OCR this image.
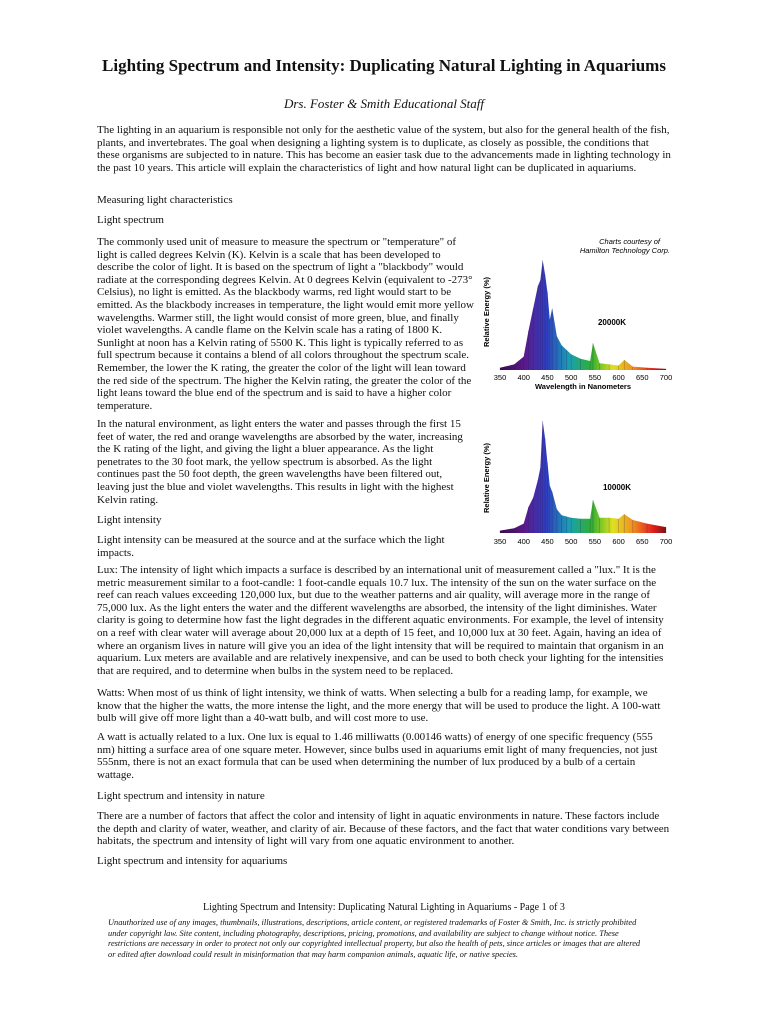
Lighting Spectrum and Intensity: Duplicating Natural Lighting in Aquariums
Drs. Foster & Smith Educational Staff

The lighting in an aquarium is responsible not only for the aesthetic value of the system, but also for the general health of the fish, plants, and invertebrates. The goal when designing a lighting system is to duplicate, as closely as possible, the conditions that these organisms are subjected to in nature. This has become an easier task due to the advancements made in lighting technology in the past 10 years. This article will explain the characteristics of light and how natural light can be duplicated in aquariums.

Measuring light characteristics

Light spectrum

The commonly used unit of measure to measure the spectrum or "temperature" of light is called degrees Kelvin (K). Kelvin is a scale that has been developed to describe the color of light. It is based on the spectrum of light a "blackbody" would radiate at the corresponding degrees Kelvin. At 0 degrees Kelvin (equivalent to -273° Celsius), no light is emitted. As the blackbody warms, red light would start to be emitted. As the blackbody increases in temperature, the light would emit more yellow wavelengths. Warmer still, the light would consist of more green, blue, and finally violet wavelengths. A candle flame on the Kelvin scale has a rating of 1800 K. Sunlight at noon has a Kelvin rating of 5500 K. This light is typically referred to as full spectrum because it contains a blend of all colors throughout the spectrum scale. Remember, the lower the K rating, the greater the color of the light will lean toward the red side of the spectrum. The higher the Kelvin rating, the greater the color of the light leans toward the blue end of the spectrum and is said to have a higher color temperature.

In the natural environment, as light enters the water and passes through the first 15 feet of water, the red and orange wavelengths are absorbed by the water, increasing the K rating of the light, and giving the light a bluer appearance. As the light penetrates to the 30 foot mark, the yellow spectrum is absorbed. As the light continues past the 50 foot depth, the green wavelengths have been filtered out, leaving just the blue and violet wavelengths. This results in light with the highest Kelvin rating.

Light intensity

Light intensity can be measured at the source and at the surface which the light impacts.

Lux: The intensity of light which impacts a surface is described by an international unit of measurement called a "lux." It is the metric measurement similar to a foot-candle: 1 foot-candle equals 10.7 lux. The intensity of the sun on the water surface on the reef can reach values exceeding 120,000 lux, but due to the weather patterns and air quality, will average more in the range of 75,000 lux. As the light enters the water and the different wavelengths are absorbed, the intensity of the light diminishes. Water clarity is going to determine how fast the light degrades in the different aquatic environments. For example, the level of intensity on a reef with clear water will average about 20,000 lux at a depth of 15 feet, and 10,000 lux at 30 feet. Again, having an idea of where an organism lives in nature will give you an idea of the light intensity that will be required to maintain that organism in an aquarium. Lux meters are available and are relatively inexpensive, and can be used to both check your lighting for the intensities that are required, and to determine when bulbs in the system need to be replaced.

Watts: When most of us think of light intensity, we think of watts. When selecting a bulb for a reading lamp, for example, we know that the higher the watts, the more intense the light, and the more energy that will be used to produce the light. A 100-watt bulb will give off more light than a 40-watt bulb, and will cost more to use.

A watt is actually related to a lux. One lux is equal to 1.46 milliwatts (0.00146 watts) of energy of one specific frequency (555 nm) hitting a surface area of one square meter. However, since bulbs used in aquariums emit light of many frequencies, not just 555nm, there is not an exact formula that can be used when determining the number of lux produced by a bulb of a certain wattage.

Light spectrum and intensity in nature

There are a number of factors that affect the color and intensity of light in aquatic environments in nature. These factors include the depth and clarity of water, weather, and clarity of air. Because of these factors, and the fact that water conditions vary between habitats, the spectrum and intensity of light will vary from one aquatic environment to another.

Light spectrum and intensity for aquariums

Charts courtesy of
Hamilton Technology Corp.
Relative Energy (%)	20000K
350 400 450 500 550 600 650 700
Wavelength in Nanometers
Relative Energy (%)	10000K
350 400 450 500 550 600 650 700
Lighting Spectrum and Intensity: Duplicating Natural Lighting in Aquariums - Page 1 of 3

Unauthorized use of any images, thumbnails, illustrations, descriptions, article content, or registered trademarks of Foster & Smith, Inc. is strictly prohibited under copyright law. Site content, including photography, descriptions, pricing, promotions, and availability are subject to change without notice. These restrictions are necessary in order to protect not only our copyrighted intellectual property, but also the health of pets, since articles or images that are altered or edited after download could result in misinformation that may harm companion animals, aquatic life, or native species.
